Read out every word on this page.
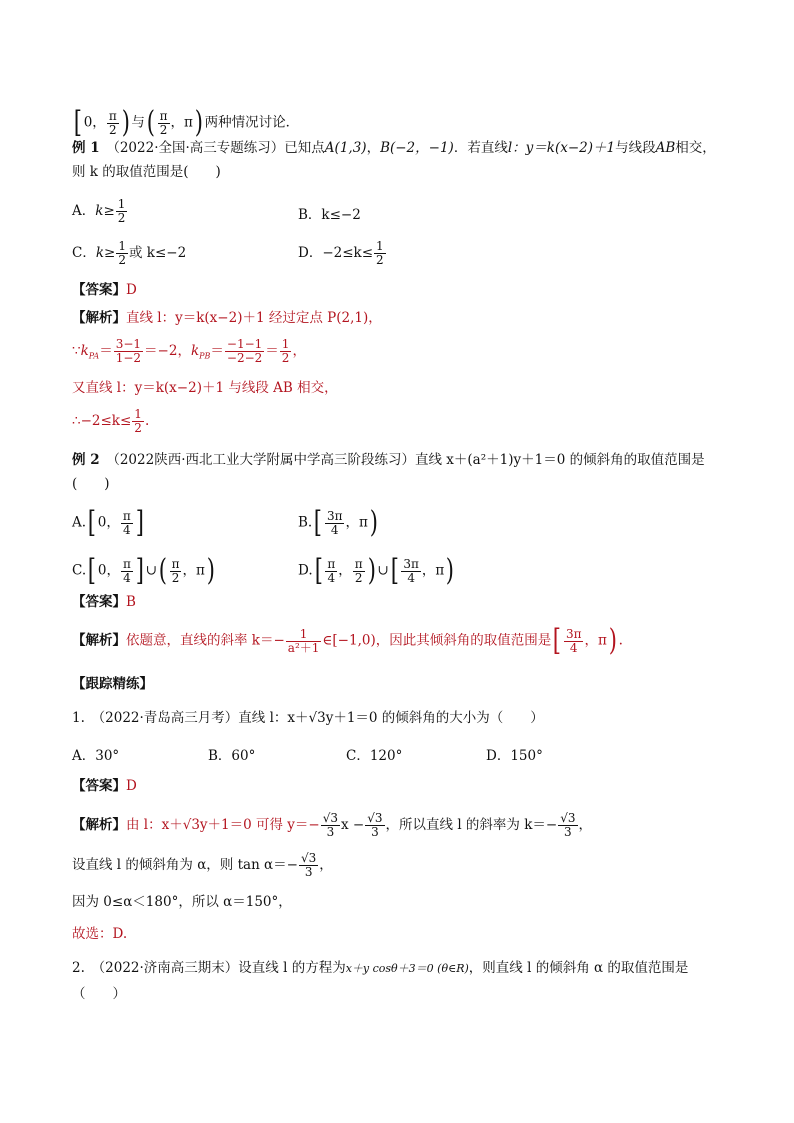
[ 0， $\frac{\pi}{2}$ ) 与( $\frac{\pi}{2}$ ，π) 两种情况讨论．
例 1　 （2022·全国·高三专题练习）已知点A(1,3)，B(−2，−1)．若直线l：y＝k(x−2)＋1与线段AB相交，
则 k 的取值范围是(　　)
A．$k\ge \frac{1}{2}$	B．k≤−2
C．$k\ge \frac{1}{2}$ 或 k≤−2	D．$-2\le k\le \frac{1}{2}$
【答案】D
【解析】直线 l：y＝k(x−2)＋1 经过定点 P(2,1)，
$\because k_{PA}= \frac{3-1}{1-2} =-2$，$k_{PB}= \frac{-1-1}{-2-2} = \frac{1}{2}$ ，
又直线 l：y＝k(x−2)＋1 与线段 AB 相交，
∴−2≤k≤ $\frac{1}{2}$ .
例 2　 （2022陕西·西北工业大学附属中学高三阶段练习）直线 x＋(a²＋1)y＋1＝0 的倾斜角的取值范围是
(　　)
A.[ 0， $\frac{\pi}{4}$ ]	$B.[ \frac{3\pi}{4}$ ，π)
C.[ 0， $\frac{\pi}{4}$ ] ∪( $\frac{\pi}{2}$ ，π)	$D.[ \frac{\pi}{4}$ ， $\frac{\pi}{2}$ ) ∪[ $\frac{3\pi}{4}$ ，π)
【答案】B
【解析】依题意，直线的斜率 $k=- \frac{1}{\text{a²＋1}}$ ∈[−1,0)，因此其倾斜角的取值范围是[ $\frac{3\pi}{4}$ ，π) .
【跟踪精练】
1.　 （2022·青岛高三月考）直线 l：x＋√3y＋1＝0 的倾斜角的大小为（　　）
A．30°	B．60°	C．120°	D．150°
【答案】D
【解析】由 l：x＋√3y＋1＝0 可得 $y=- \frac{√3}{3}$ $x - \frac{√3}{3}$ ，所以直线 l 的斜率为 $k=- \frac{√3}{3}$ ，
设直线 l 的倾斜角为 α，则 $\tan \alpha=- \frac{√3}{3}$ ，
因为 0≤α＜180°，所以 α＝150°，
故选：D.
2.　 （2022·济南高三期末）设直线 l 的方程为x＋y cosθ＋3＝0 (θ∈R)，则直线 l 的倾斜角 α 的取值范围是
（　　）
